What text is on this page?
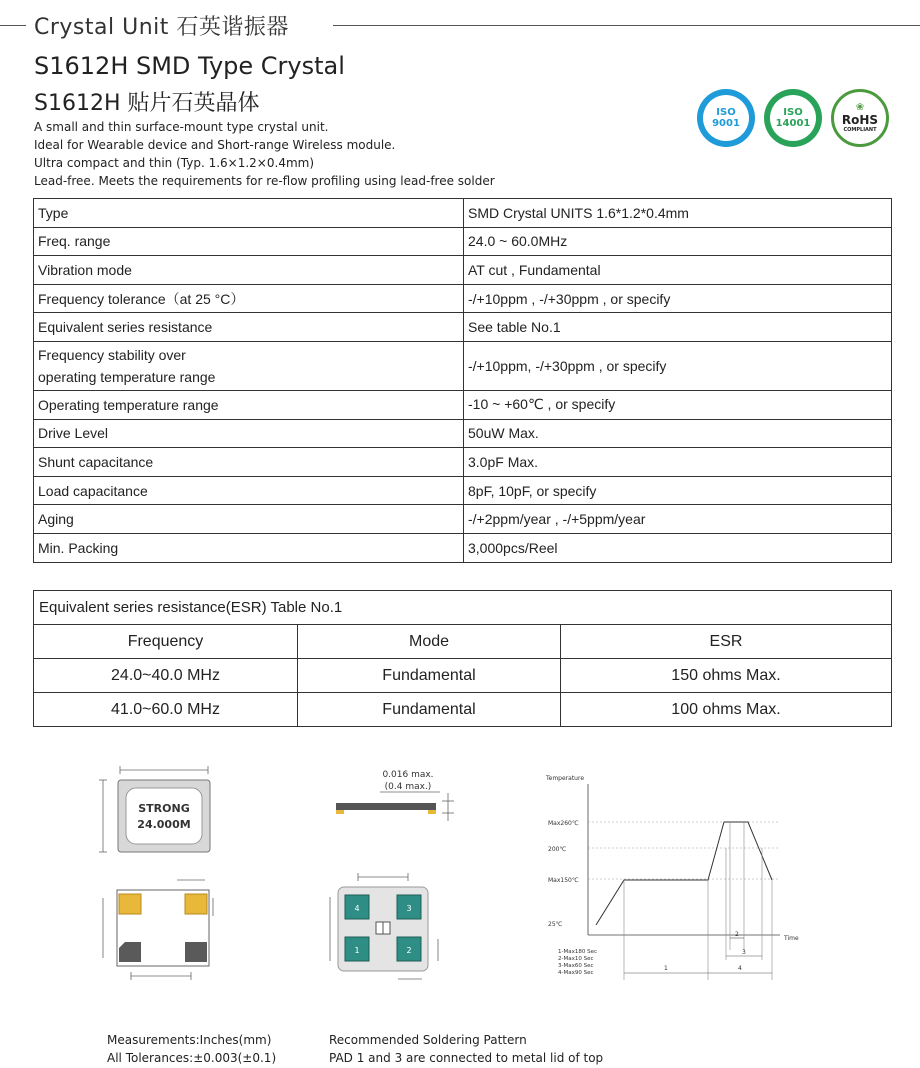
Crystal Unit 石英谐振器
S1612H SMD Type Crystal
S1612H 贴片石英晶体
A small and thin surface-mount type crystal unit.
Ideal for Wearable device and Short-range Wireless module.
Ultra compact and thin (Typ. 1.6×1.2×0.4mm)
Lead-free. Meets the requirements for re-flow profiling using lead-free solder
ISO
9001
ISO
14001
❀
RoHS
COMPLIANT
Type	SMD Crystal UNITS 1.6*1.2*0.4mm
Freq. range	24.0 ~ 60.0MHz
Vibration mode	AT cut , Fundamental
Frequency tolerance（at 25 °C）	-/+10ppm , -/+30ppm , or specify
Equivalent series resistance	See table No.1

Frequency stability over
operating temperature range	-/+10ppm, -/+30ppm , or specify
Operating temperature range	-10 ~ +60℃ , or specify
Drive Level	50uW Max.
Shunt capacitance	3.0pF Max.
Load capacitance	8pF, 10pF, or specify
Aging	-/+2ppm/year , -/+5ppm/year
Min. Packing	3,000pcs/Reel
Equivalent series resistance(ESR) Table No.1		
Frequency	Mode	ESR
24.0~40.0 MHz	Fundamental	150 ohms Max.
41.0~60.0 MHz	Fundamental	100 ohms Max.
STRONG
24.000M
0.016 max.
(0.4 max.)
4	3
1	2
Temperature
Time
Max260℃
200℃
Max150℃
25℃
1
2
3
4
1-Max180 Sec
2-Max10 Sec
3-Max60 Sec
4-Max90 Sec
Measurements:Inches(mm)
All Tolerances:±0.003(±0.1)
Recommended Soldering Pattern
PAD 1 and 3 are connected to metal lid of top
